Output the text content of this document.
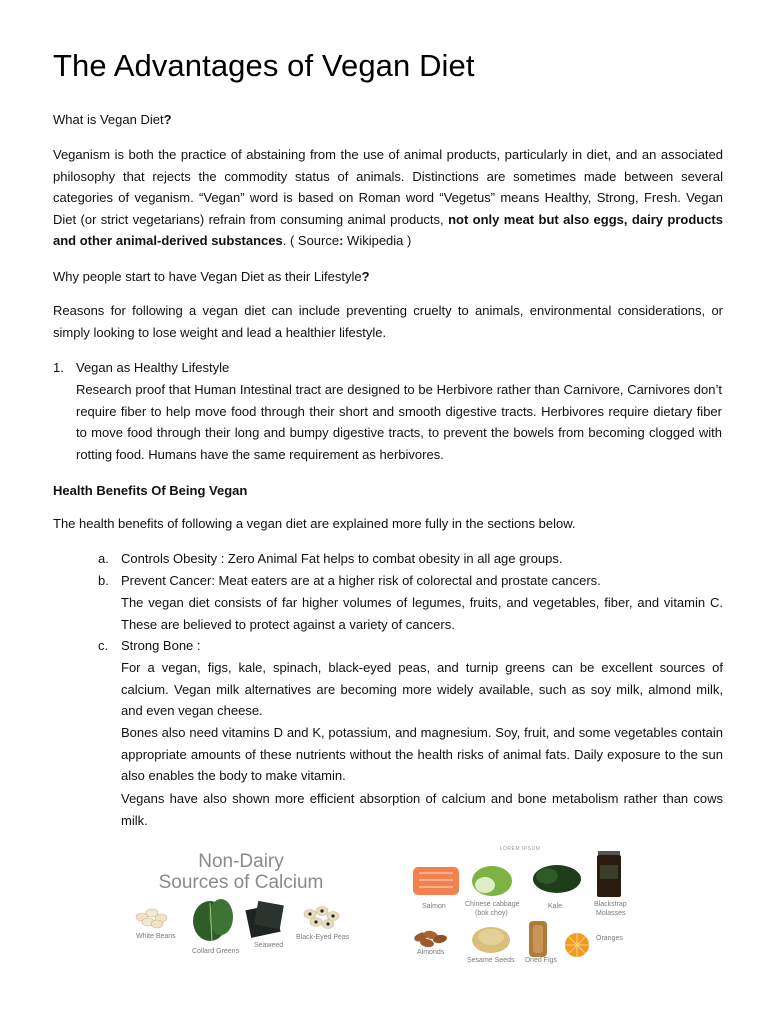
The Advantages of Vegan Diet

What is Vegan Diet?

Veganism is both the practice of abstaining from the use of animal products, particularly in diet, and an associated philosophy that rejects the commodity status of animals. Distinctions are sometimes made between several categories of veganism. “Vegan” word is based on Roman word “Vegetus” means Healthy, Strong, Fresh. Vegan Diet (or strict vegetarians) refrain from consuming animal products, not only meat but also eggs, dairy products and other animal-derived substances. ( Source: Wikipedia )

Why people start to have Vegan Diet as their Lifestyle?

Reasons for following a vegan diet can include preventing cruelty to animals, environmental considerations, or simply looking to lose weight and lead a healthier lifestyle.

1. Vegan as Healthy Lifestyle

Research proof that Human Intestinal tract are designed to be Herbivore rather than Carnivore, Carnivores don’t require fiber to help move food through their short and smooth digestive tracts. Herbivores require dietary fiber to move food through their long and bumpy digestive tracts, to prevent the bowels from becoming clogged with rotting food. Humans have the same requirement as herbivores.

Health Benefits Of Being Vegan

The health benefits of following a vegan diet are explained more fully in the sections below.

a. Controls Obesity : Zero Animal Fat helps to combat obesity in all age groups.

b. Prevent Cancer: Meat eaters are at a higher risk of colorectal and prostate cancers.

The vegan diet consists of far higher volumes of legumes, fruits, and vegetables, fiber, and vitamin C. These are believed to protect against a variety of cancers.

c. Strong Bone :

For a vegan, figs, kale, spinach, black-eyed peas, and turnip greens can be excellent sources of calcium. Vegan milk alternatives are becoming more widely available, such as soy milk, almond milk, and even vegan cheese.

Bones also need vitamins D and K, potassium, and magnesium. Soy, fruit, and some vegetables contain appropriate amounts of these nutrients without the health risks of animal fats. Daily exposure to the sun also enables the body to make vitamin.

Vegans have also shown more efficient absorption of calcium and bone metabolism rather than cows milk.

Non-Dairy
Sources of Calcium
White Beans
Collard Greens
Seaweed
Black-Eyed Peas
LOREM IPSUM
Salmon	Chinese cabbage
(bok choy)
Kale	Blackstrap
Molasses
Almonds
Sesame Seeds Dried Figs
Oranges
